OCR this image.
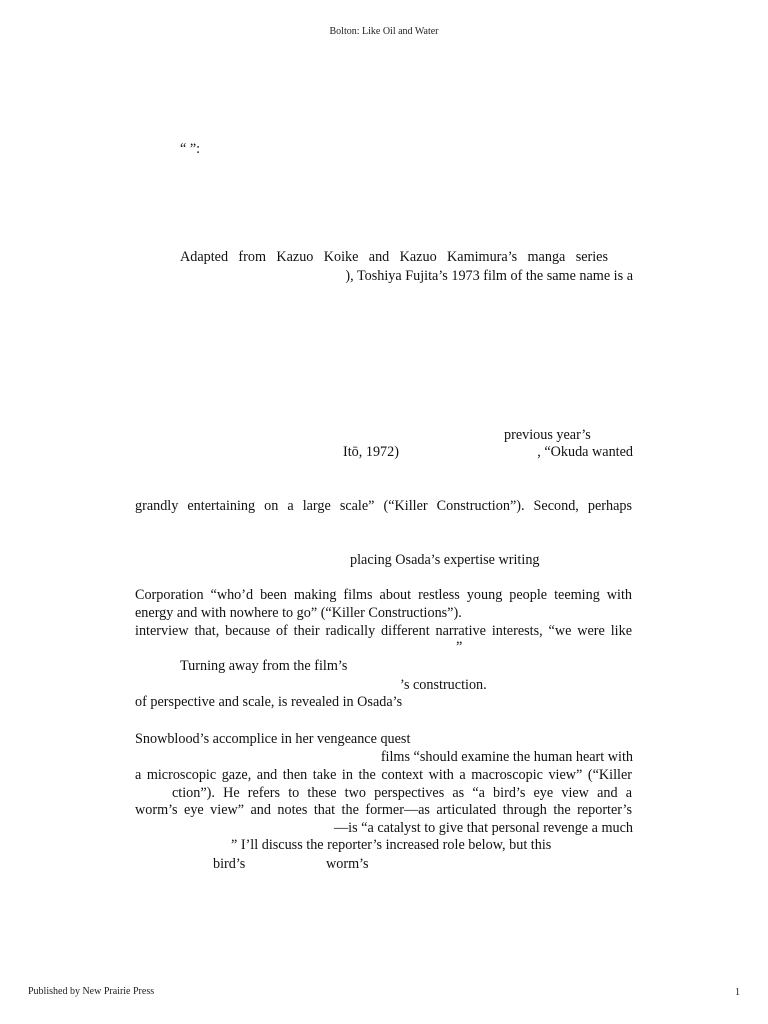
Bolton: Like Oil and Water
“ ”:
Adapted from Kazuo Koike and Kazuo Kamimura’s manga series
), Toshiya Fujita’s 1973 film of the same name is a
previous year’s
Itō, 1972)	, “Okuda wanted
grandly entertaining on a large scale” (“Killer Construction”). Second, perhaps
placing Osada’s expertise writing
Corporation “who’d been making films about restless young people teeming with
energy and with nowhere to go” (“Killer Constructions”).
interview that, because of their radically different narrative interests, “we were like
”
Turning away from the film’s
’s construction.
of perspective and scale, is revealed in Osada’s
Snowblood’s accomplice in her vengeance quest
films “should examine the human heart with
a microscopic gaze, and then take in the context with a macroscopic view” (“Killer
ction”). He refers to these two perspectives as “a bird’s eye view and a
worm’s eye view” and notes that the former—as articulated through the reporter’s
—is “a catalyst to give that personal revenge a much
” I’ll discuss the reporter’s increased role below, but this
bird’s	worm’s
Published by New Prairie Press	1
